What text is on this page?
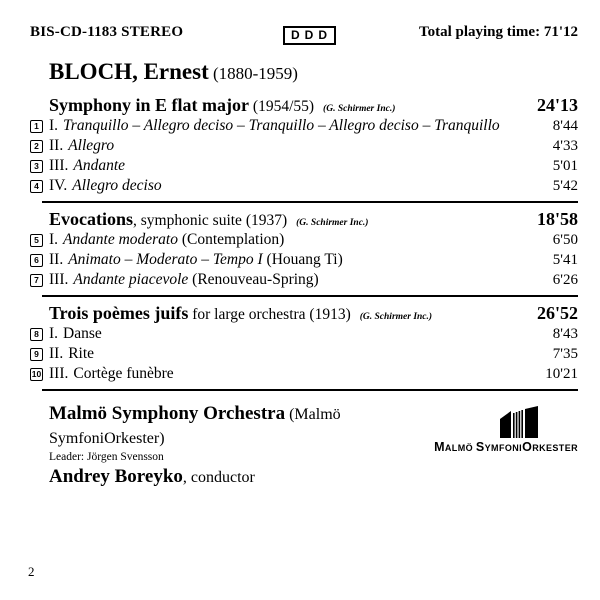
BIS-CD-1183 STEREO	DDD	Total playing time: 71'12
BLOCH, Ernest (1880-1959)
Symphony in E flat major (1954/55) (G. Schirmer Inc.)	24'13
1 I. Tranquillo – Allegro deciso – Tranquillo – Allegro deciso – Tranquillo	8'44
2 II. Allegro	4'33
3 III. Andante	5'01
4 IV. Allegro deciso	5'42
Evocations , symphonic suite (1937) (G. Schirmer Inc.)	18'58
5 I. Andante moderato (Contemplation)	6'50
6 II. Animato – Moderato – Tempo I (Houang Ti)	5'41
7 III. Andante piacevole (Renouveau-Spring)	6'26
Trois poèmes juifs for large orchestra (1913) (G. Schirmer Inc.)	26'52
8 I. Danse	8'43
9 II. Rite	7'35
10 III. Cortège funèbre	10'21
Malmö Symphony Orchestra (Malmö SymfoniOrkester)
Leader: Jörgen Svensson
Andrey Boreyko, conductor
MALMÖ SYMFONIORKESTER
2
